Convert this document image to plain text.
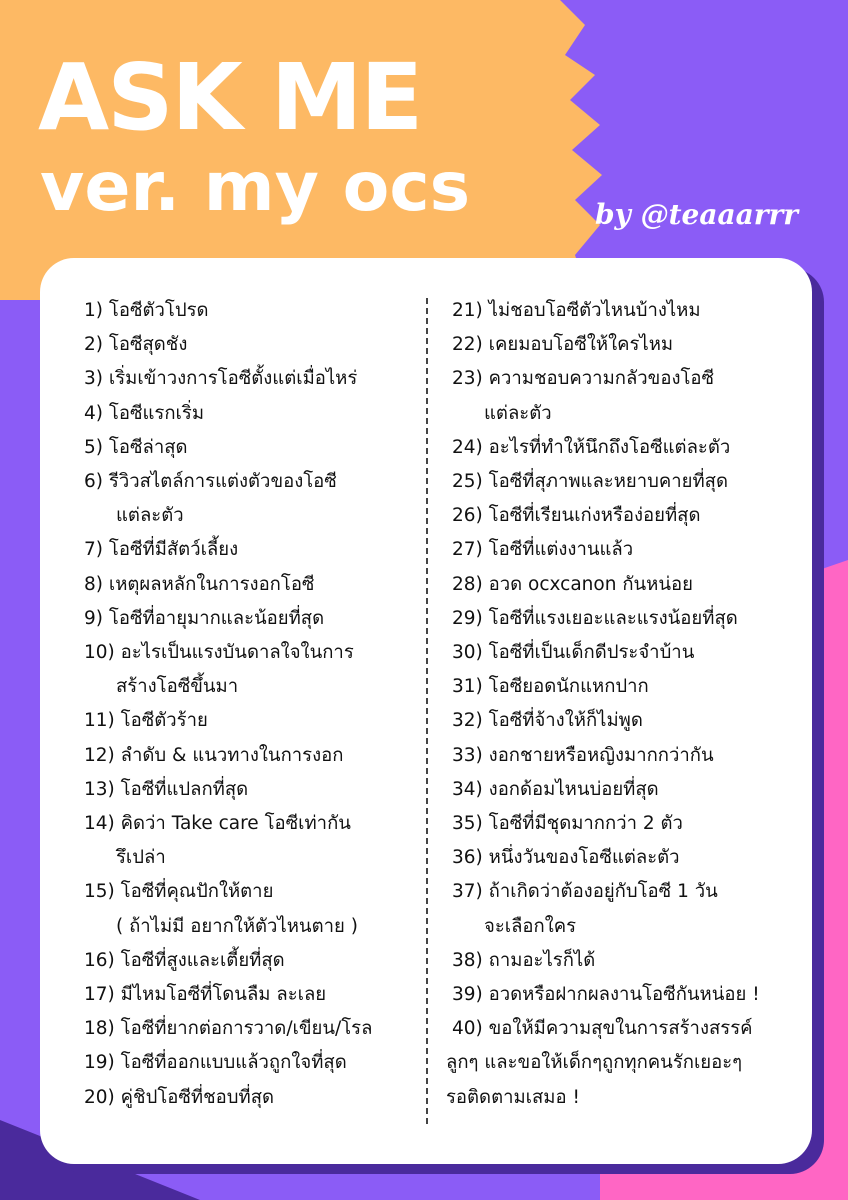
ASK ME
ver. my ocs	by @teaaarrr
1) โอซีตัวโปรด
2) โอซีสุดชัง
3) เริ่มเข้าวงการโอซีตั้งแต่เมื่อไหร่
4) โอซีแรกเริ่ม
5) โอซีล่าสุด
6) รีวิวสไตล์การแต่งตัวของโอซี
แต่ละตัว
7) โอซีที่มีสัตว์เลี้ยง
8) เหตุผลหลักในการงอกโอซี
9) โอซีที่อายุมากและน้อยที่สุด
10) อะไรเป็นแรงบันดาลใจในการ
สร้างโอซีขึ้นมา
11) โอซีตัวร้าย
12) ลำดับ & แนวทางในการงอก
13) โอซีที่แปลกที่สุด
14) คิดว่า Take care โอซีเท่ากัน
รึเปล่า
15) โอซีที่คุณปักให้ตาย
( ถ้าไม่มี อยากให้ตัวไหนตาย )
16) โอซีที่สูงและเตี้ยที่สุด
17) มีไหมโอซีที่โดนลืม ละเลย
18) โอซีที่ยากต่อการวาด/เขียน/โรล
19) โอซีที่ออกแบบแล้วถูกใจที่สุด
20) คู่ชิปโอซีที่ชอบที่สุด
21) ไม่ชอบโอซีตัวไหนบ้างไหม
22) เคยมอบโอซีให้ใครไหม
23) ความชอบความกลัวของโอซี
แต่ละตัว
24) อะไรที่ทำให้นึกถึงโอซีแต่ละตัว
25) โอซีที่สุภาพและหยาบคายที่สุด
26) โอซีที่เรียนเก่งหรือง่อยที่สุด
27) โอซีที่แต่งงานแล้ว
28) อวด ocxcanon กันหน่อย
29) โอซีที่แรงเยอะและแรงน้อยที่สุด
30) โอซีที่เป็นเด็กดีประจำบ้าน
31) โอซียอดนักแหกปาก
32) โอซีที่จ้างให้ก็ไม่พูด
33) งอกชายหรือหญิงมากกว่ากัน
34) งอกด้อมไหนบ่อยที่สุด
35) โอซีที่มีชุดมากกว่า 2 ตัว
36) หนึ่งวันของโอซีแต่ละตัว
37) ถ้าเกิดว่าต้องอยู่กับโอซี 1 วัน
จะเลือกใคร
38) ถามอะไรก็ได้
39) อวดหรือฝากผลงานโอซีกันหน่อย !
40) ขอให้มีความสุขในการสร้างสรรค์
ลูกๆ และขอให้เด็กๆถูกทุกคนรักเยอะๆ
รอติดตามเสมอ !
